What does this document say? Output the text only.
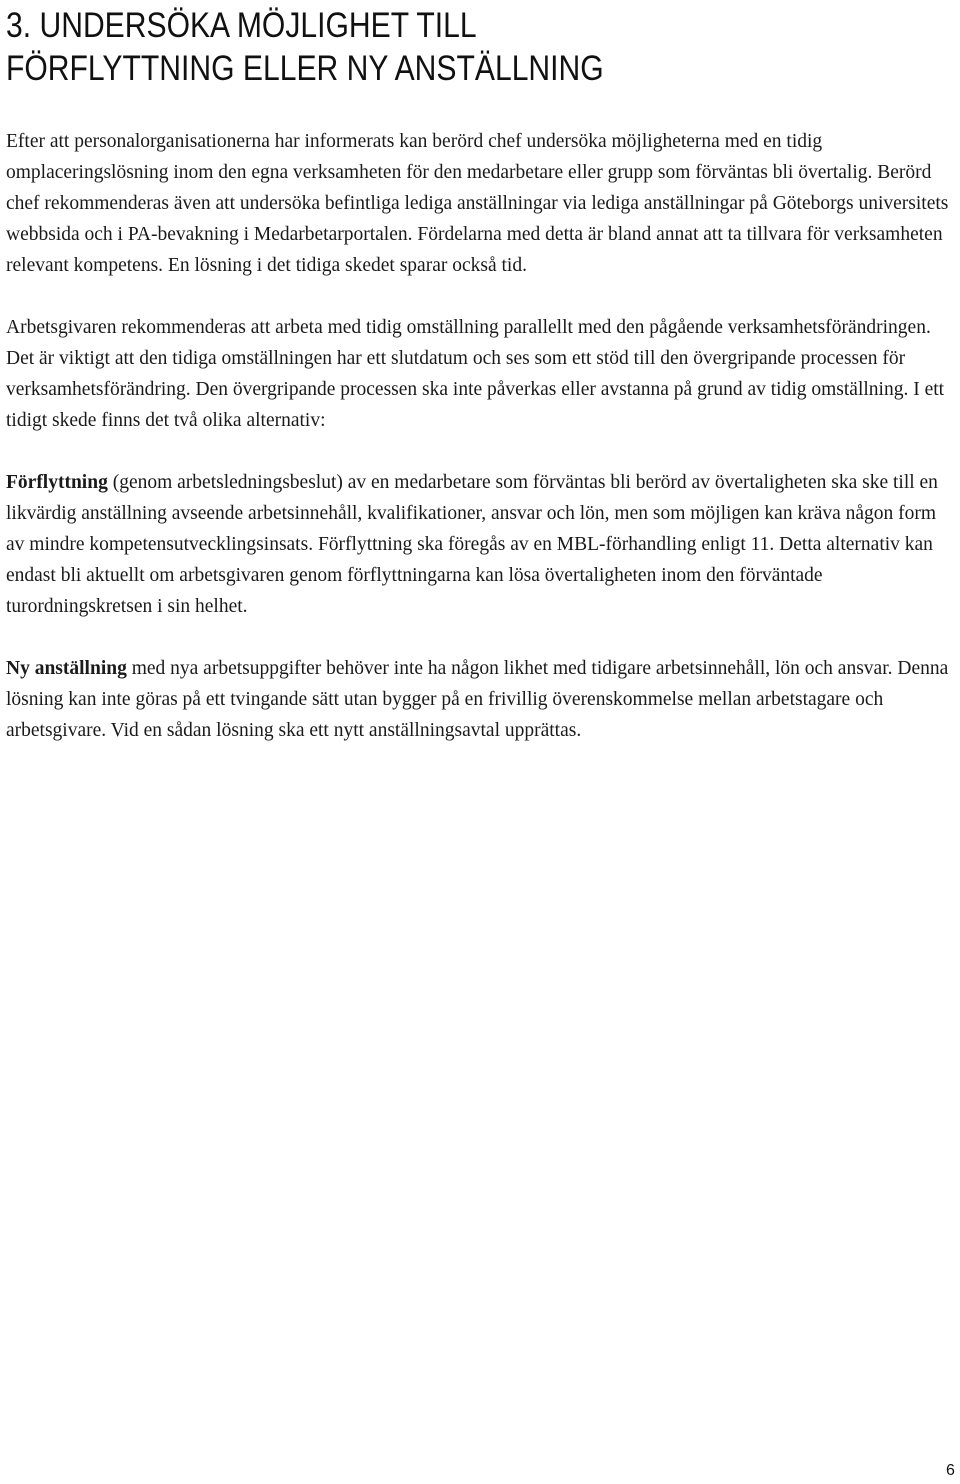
3. UNDERSÖKA MÖJLIGHET TILL
FÖRFLYTTNING ELLER NY ANSTÄLLNING

Efter att personalorganisationerna har informerats kan berörd chef undersöka möjligheterna med en tidig omplaceringslösning inom den egna verksamheten för den medarbetare eller grupp som förväntas bli övertalig. Berörd chef rekommenderas även att undersöka befintliga lediga anställningar via lediga anställningar på Göteborgs universitets webbsida och i PA-bevakning i Medarbetarportalen. Fördelarna med detta är bland annat att ta tillvara för verksamheten relevant kompetens. En lösning i det tidiga skedet sparar också tid.

Arbetsgivaren rekommenderas att arbeta med tidig omställning parallellt med den pågående verksamhetsförändringen. Det är viktigt att den tidiga omställningen har ett slutdatum och ses som ett stöd till den övergripande processen för verksamhetsförändring. Den övergripande processen ska inte påverkas eller avstanna på grund av tidig omställning. I ett tidigt skede finns det två olika alternativ:

Förflyttning (genom arbetsledningsbeslut) av en medarbetare som förväntas bli berörd av övertaligheten ska ske till en likvärdig anställning avseende arbetsinnehåll, kvalifikationer, ansvar och lön, men som möjligen kan kräva någon form av mindre kompetensutvecklingsinsats. Förflyttning ska föregås av en MBL-förhandling enligt 11. Detta alternativ kan endast bli aktuellt om arbetsgivaren genom förflyttningarna kan lösa övertaligheten inom den förväntade turordningskretsen i sin helhet.

Ny anställning med nya arbetsuppgifter behöver inte ha någon likhet med tidigare arbetsinnehåll, lön och ansvar. Denna lösning kan inte göras på ett tvingande sätt utan bygger på en frivillig överenskommelse mellan arbetstagare och arbetsgivare. Vid en sådan lösning ska ett nytt anställningsavtal upprättas.

6
